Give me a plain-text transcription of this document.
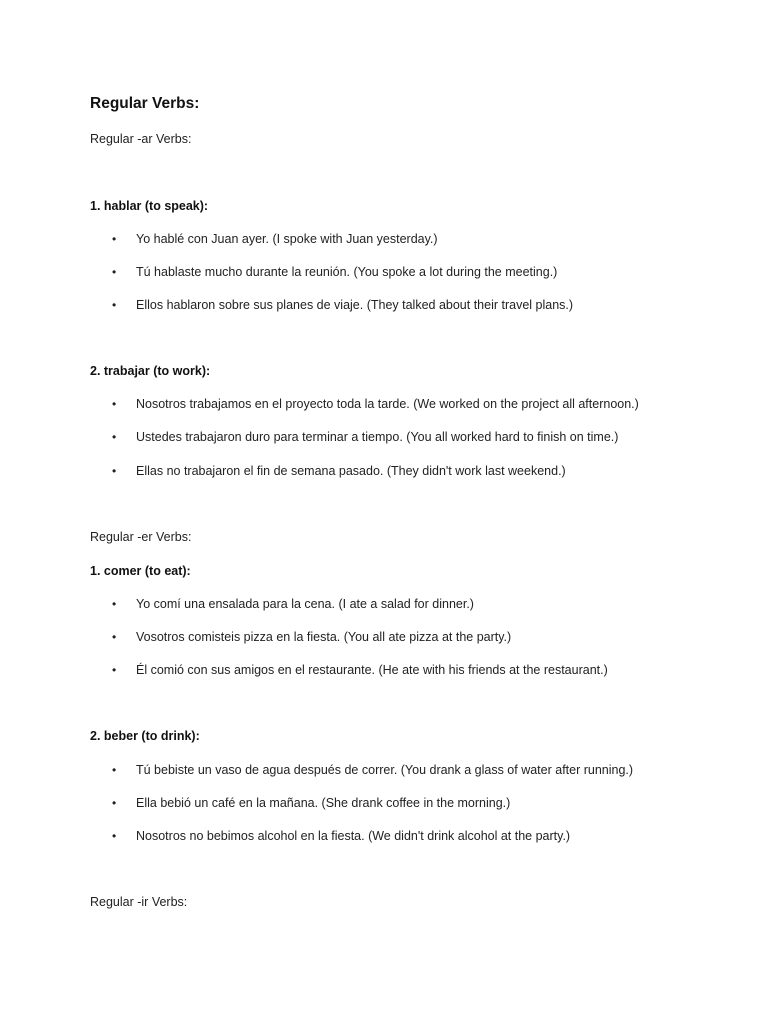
Regular Verbs:
Regular -ar Verbs:
1. hablar (to speak):
• Yo hablé con Juan ayer. (I spoke with Juan yesterday.)
• Tú hablaste mucho durante la reunión. (You spoke a lot during the meeting.)
• Ellos hablaron sobre sus planes de viaje. (They talked about their travel plans.)
2. trabajar (to work):
• Nosotros trabajamos en el proyecto toda la tarde. (We worked on the project all afternoon.)
• Ustedes trabajaron duro para terminar a tiempo. (You all worked hard to finish on time.)
• Ellas no trabajaron el fin de semana pasado. (They didn't work last weekend.)
Regular -er Verbs:
1. comer (to eat):
• Yo comí una ensalada para la cena. (I ate a salad for dinner.)
• Vosotros comisteis pizza en la fiesta. (You all ate pizza at the party.)
• Él comió con sus amigos en el restaurante. (He ate with his friends at the restaurant.)
2. beber (to drink):
• Tú bebiste un vaso de agua después de correr. (You drank a glass of water after running.)
• Ella bebió un café en la mañana. (She drank coffee in the morning.)
• Nosotros no bebimos alcohol en la fiesta. (We didn't drink alcohol at the party.)
Regular -ir Verbs:
